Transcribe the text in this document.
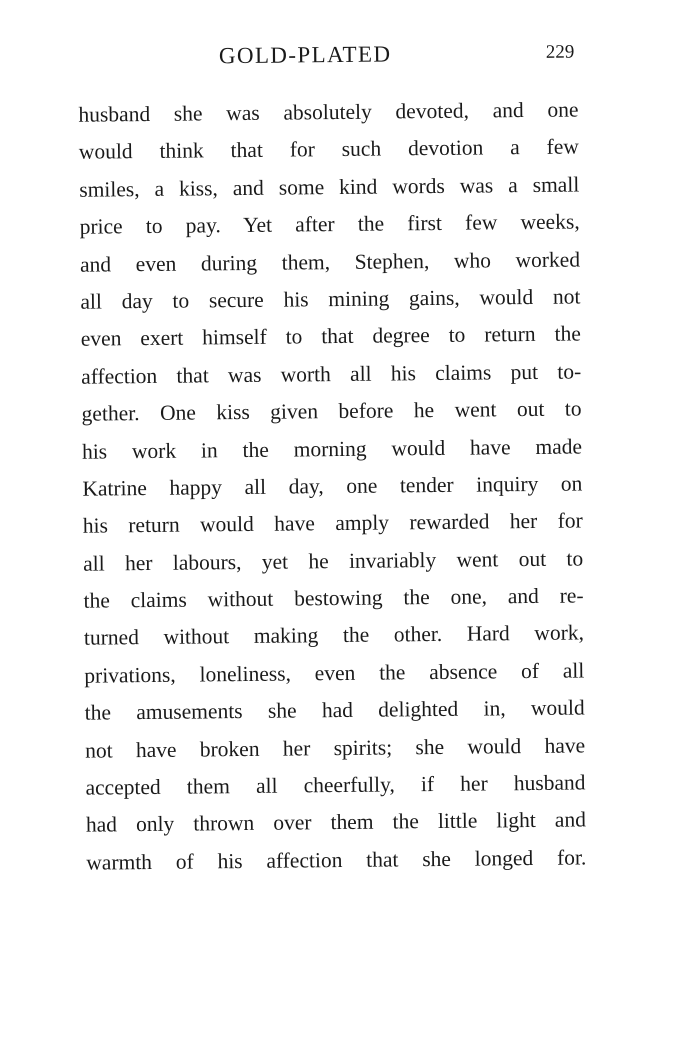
GOLD-PLATED	229
husband she was absolutely devoted, and one
would think that for such devotion a few
smiles, a kiss, and some kind words was a small
price to pay. Yet after the first few weeks,
and even during them, Stephen, who worked
all day to secure his mining gains, would not
even exert himself to that degree to return the
affection that was worth all his claims put to-
gether. One kiss given before he went out to
his work in the morning would have made
Katrine happy all day, one tender inquiry on
his return would have amply rewarded her for
all her labours, yet he invariably went out to
the claims without bestowing the one, and re-
turned without making the other. Hard work,
privations, loneliness, even the absence of all
the amusements she had delighted in, would
not have broken her spirits; she would have
accepted them all cheerfully, if her husband
had only thrown over them the little light and
warmth of his affection that she longed for.
